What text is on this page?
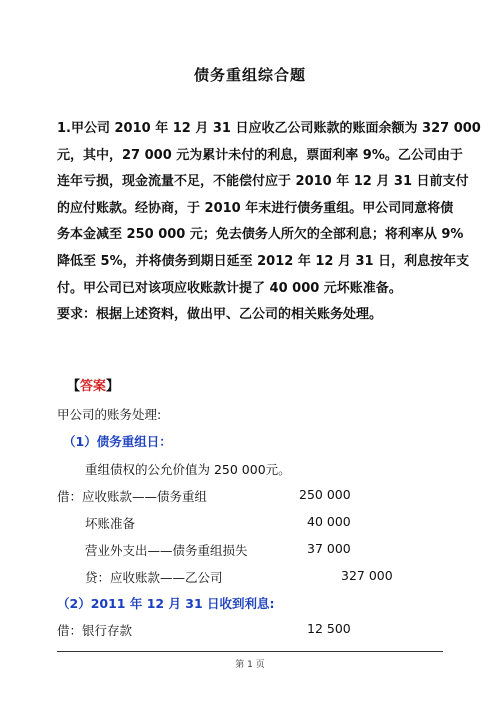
债务重组综合题
1.甲公司 2010 年 12 月 31 日应收乙公司账款的账面余额为 327 000
元，其中，27 000 元为累计未付的利息，票面利率 9%。乙公司由于
连年亏损，现金流量不足，不能偿付应于 2010 年 12 月 31 日前支付
的应付账款。经协商，于 2010 年末进行债务重组。甲公司同意将债
务本金减至 250 000 元；免去债务人所欠的全部利息；将利率从 9%
降低至 5%，并将债务到期日延至 2012 年 12 月 31 日，利息按年支
付。甲公司已对该项应收账款计提了 40 000 元坏账准备。
要求：根据上述资料，做出甲、乙公司的相关账务处理。
【答案】
甲公司的账务处理:
（1）债务重组日：
重组债权的公允价值为 250 000元。
借：应收账款——债务重组	250 000
坏账准备	40 000
营业外支出——债务重组损失	37 000
贷：应收账款——乙公司	327 000
（2）2011 年 12 月 31 日收到利息:
借：银行存款	12 500
第 1 页
